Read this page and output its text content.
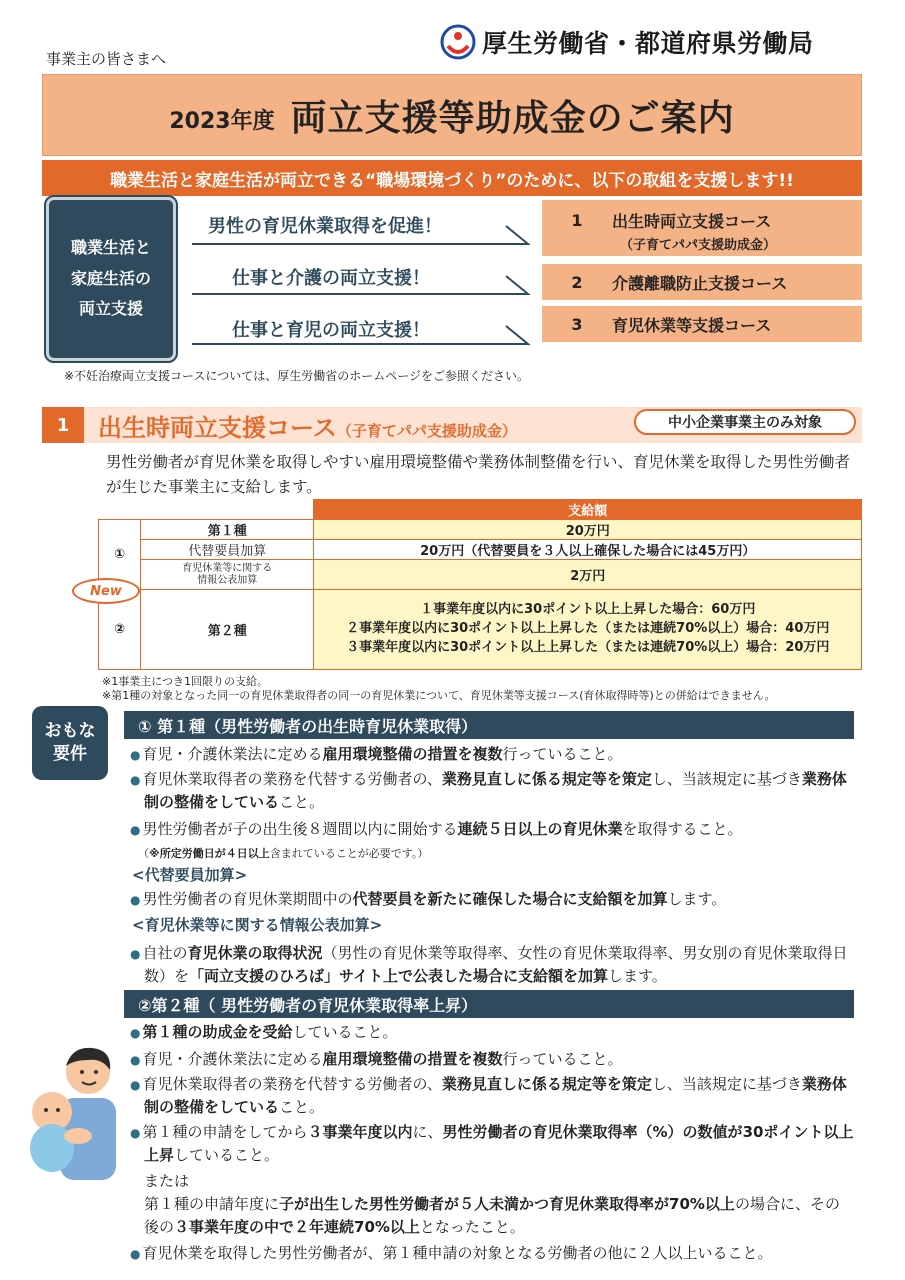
事業主の皆さまへ
厚生労働省・都道府県労働局
2023年度 両立支援等助成金のご案内
職業生活と家庭生活が両立できる“職場環境づくり”のために、以下の取組を支援します!!
職業生活と
家庭生活の
両立支援
男性の育児休業取得を促進！
仕事と介護の両立支援！
仕事と育児の両立支援！
1	出生時両立支援コース
（子育てパパ支援助成金）
2	介護離職防止支援コース
3	育児休業等支援コース
※不妊治療両立支援コースについては、厚生労働省のホームページをご参照ください。
1	出生時両立支援コース（子育てパパ支援助成金）	中小企業事業主のみ対象
男性労働者が育児休業を取得しやすい雇用環境整備や業務体制整備を行い、育児休業を取得した男性労働者が生じた事業主に支給します。
		支給額
①	第１種	20万円
	代替要員加算	20万円（代替要員を３人以上確保した場合には45万円）

	育児休業等に関する
情報公表加算	2万円
②	第２種	１事業年度以内に30ポイント以上上昇した場合：60万円
２事業年度以内に30ポイント以上上昇した（または連続70%以上）場合：40万円
３事業年度以内に30ポイント以上上昇した（または連続70%以上）場合：20万円
New
※1事業主につき1回限りの支給。
※第1種の対象となった同一の育児休業取得者の同一の育児休業について、育児休業等支援コース(育休取得時等)との併給はできません。
おもな
要件
① 第１種（男性労働者の出生時育児休業取得）
● 育児・介護休業法に定める雇用環境整備の措置を複数行っていること。
● 育児休業取得者の業務を代替する労働者の、業務見直しに係る規定等を策定し、当該規定に基づき業務体制の整備をしていること。
● 男性労働者が子の出生後８週間以内に開始する連続５日以上の育児休業を取得すること。
（※所定労働日が４日以上含まれていることが必要です。）
<代替要員加算>
● 男性労働者の育児休業期間中の代替要員を新たに確保した場合に支給額を加算します。
<育児休業等に関する情報公表加算>
● 自社の育児休業の取得状況（男性の育児休業等取得率、女性の育児休業取得率、男女別の育児休業取得日数）を「両立支援のひろば」サイト上で公表した場合に支給額を加算します。
②第２種（ 男性労働者の育児休業取得率上昇）
● 第１種の助成金を受給していること。
● 育児・介護休業法に定める雇用環境整備の措置を複数行っていること。
● 育児休業取得者の業務を代替する労働者の、業務見直しに係る規定等を策定し、当該規定に基づき業務体制の整備をしていること。
● 第１種の申請をしてから３事業年度以内に、男性労働者の育児休業取得率（%）の数値が30ポイント以上上昇していること。
または
第１種の申請年度に子が出生した男性労働者が５人未満かつ育児休業取得率が70%以上の場合に、その後の３事業年度の中で２年連続70%以上となったこと。
● 育児休業を取得した男性労働者が、第１種申請の対象となる労働者の他に２人以上いること。
